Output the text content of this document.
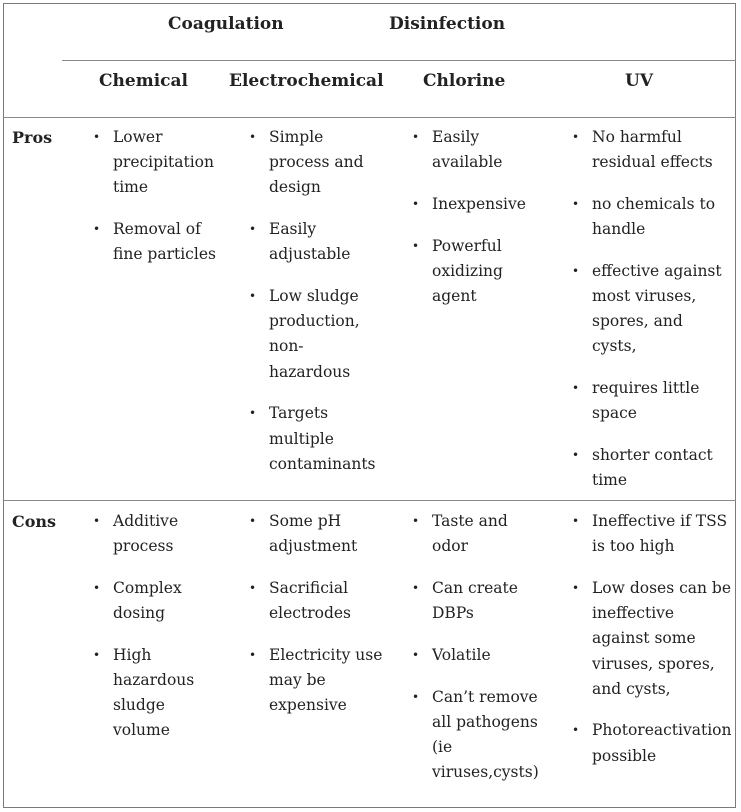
Coagulation	Disinfection
Chemical Electrochemical Chlorine	UV
Pros
Cons
• Lower precipitation time
• Removal of fine particles
• Simple process and design
• Easily adjustable
• Low sludge production, non-hazardous
• Targets multiple contaminants
• Easily available
• Inexpensive
• Powerful oxidizing agent
• No harmful residual effects
• no chemicals to handle
• effective against most viruses, spores, and cysts,
• requires little space
• shorter contact time
• Additive process
• Complex dosing
• High hazardous sludge volume
• Some pH adjustment
• Sacrificial electrodes
• Electricity use may be expensive
• Taste and odor
• Can create DBPs
• Volatile
• Can’t remove all pathogens (ie viruses,cysts)
• Ineffective if TSS is too high
• Low doses can be ineffective against some viruses, spores, and cysts,
• Photoreactivation possible
